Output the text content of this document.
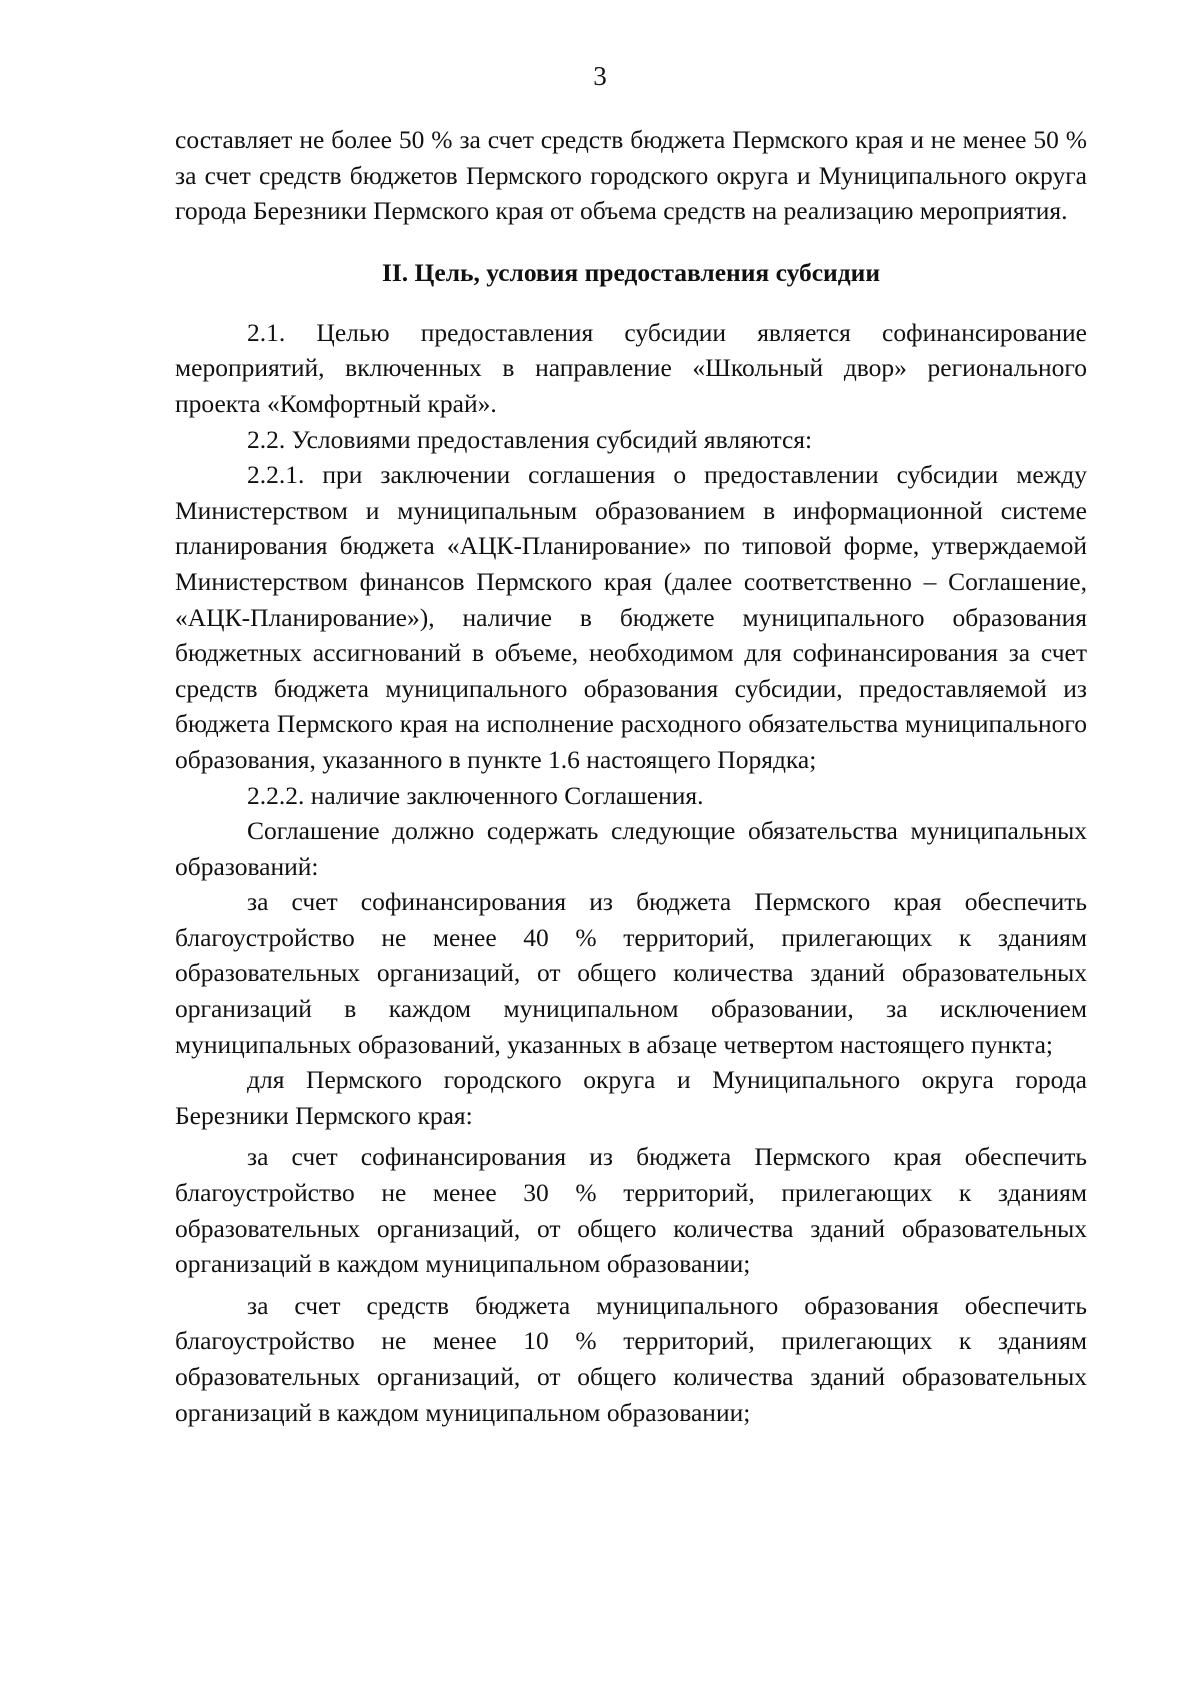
3

составляет не более 50 % за счет средств бюджета Пермского края и не менее 50 % за счет средств бюджетов Пермского городского округа и Муниципального округа города Березники Пермского края от объема средств на реализацию мероприятия.

II. Цель, условия предоставления субсидии

2.1. Целью предоставления субсидии является софинансирование мероприятий, включенных в направление «Школьный двор» регионального проекта «Комфортный край».

2.2. Условиями предоставления субсидий являются:

2.2.1. при заключении соглашения о предоставлении субсидии между Министерством и муниципальным образованием в информационной системе планирования бюджета «АЦК-Планирование» по типовой форме, утверждаемой Министерством финансов Пермского края (далее соответственно – Соглашение, «АЦК-Планирование»), наличие в бюджете муниципального образования бюджетных ассигнований в объеме, необходимом для софинансирования за счет средств бюджета муниципального образования субсидии, предоставляемой из бюджета Пермского края на исполнение расходного обязательства муниципального образования, указанного в пункте 1.6 настоящего Порядка;

2.2.2. наличие заключенного Соглашения.

Соглашение должно содержать следующие обязательства муниципальных образований:

за счет софинансирования из бюджета Пермского края обеспечить благоустройство не менее 40 % территорий, прилегающих к зданиям образовательных организаций, от общего количества зданий образовательных организаций в каждом муниципальном образовании, за исключением муниципальных образований, указанных в абзаце четвертом настоящего пункта;

для Пермского городского округа и Муниципального округа города Березники Пермского края:

за счет софинансирования из бюджета Пермского края обеспечить благоустройство не менее 30 % территорий, прилегающих к зданиям образовательных организаций, от общего количества зданий образовательных организаций в каждом муниципальном образовании;

за счет средств бюджета муниципального образования обеспечить благоустройство не менее 10 % территорий, прилегающих к зданиям образовательных организаций, от общего количества зданий образовательных организаций в каждом муниципальном образовании;
